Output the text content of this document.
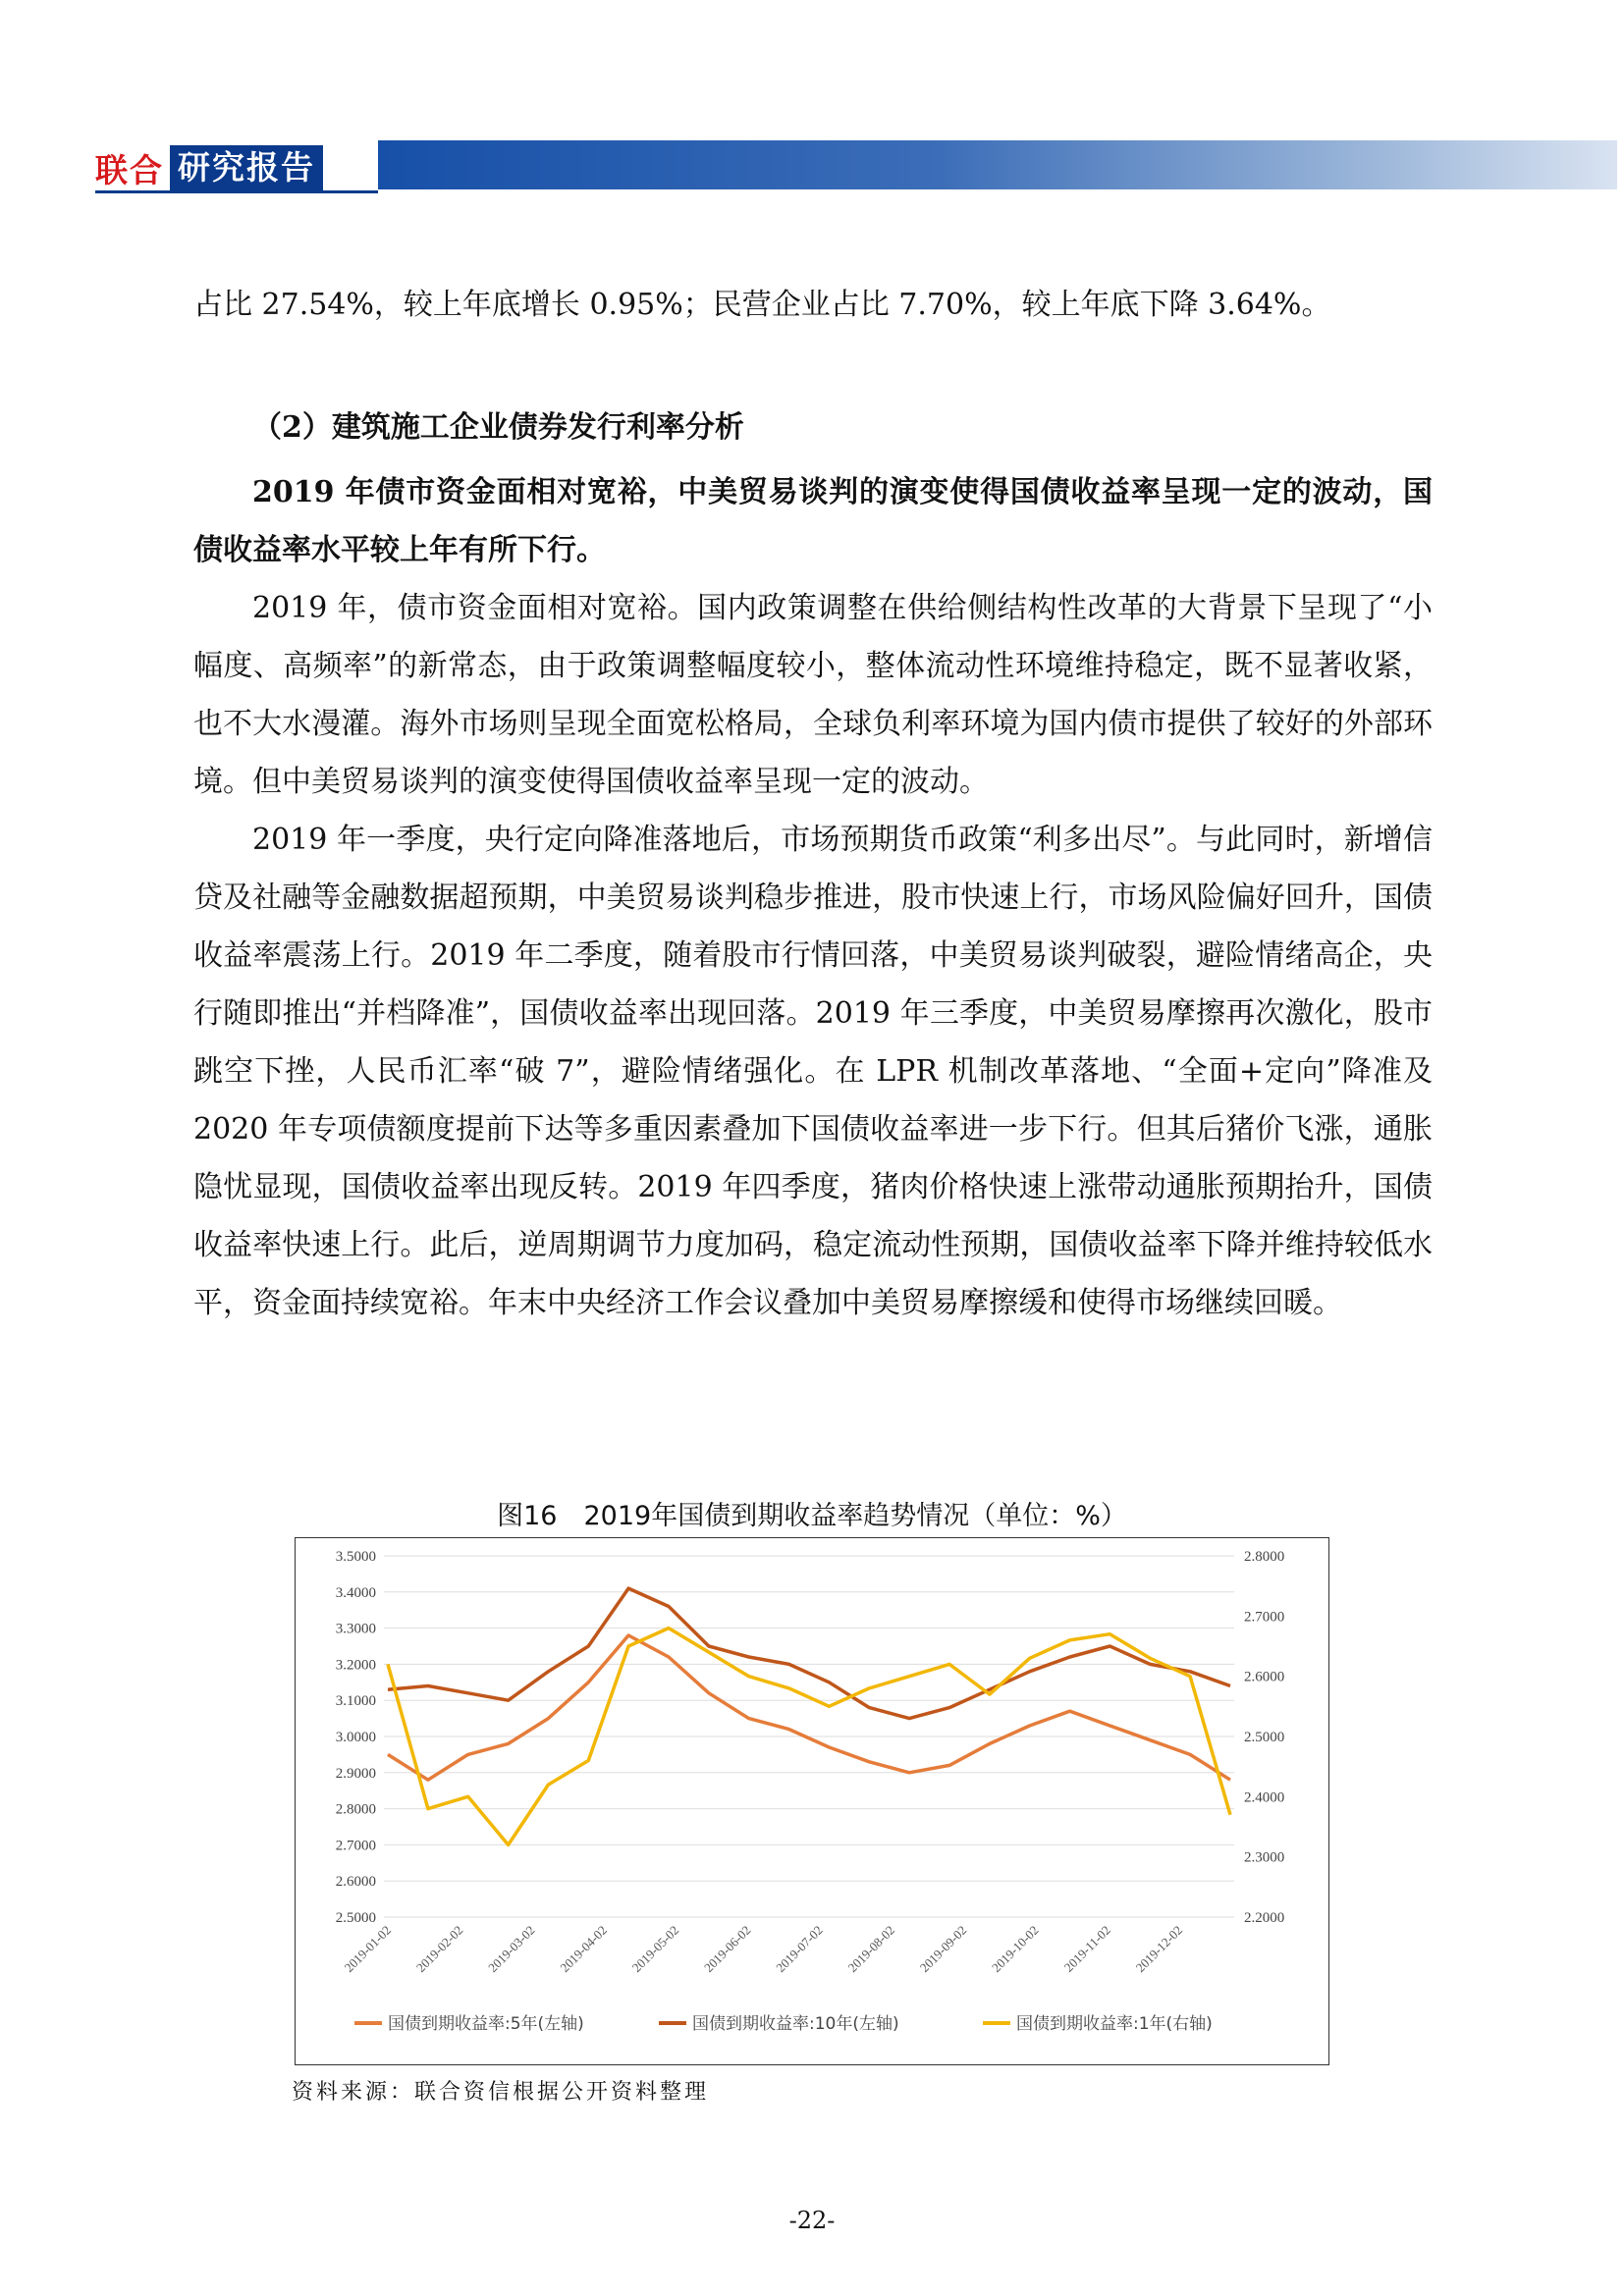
联合 研究报告

占比 27.54%，较上年底增长 0.95%；民营企业占比 7.70%，较上年底下降 3.64%。

（2）建筑施工企业债券发行利率分析

2019 年债市资金面相对宽裕，中美贸易谈判的演变使得国债收益率呈现一定的波动，国债收益率水平较上年有所下行。

2019 年，债市资金面相对宽裕。国内政策调整在供给侧结构性改革的大背景下呈现了“小幅度、高频率”的新常态，由于政策调整幅度较小，整体流动性环境维持稳定，既不显著收紧，也不大水漫灌。海外市场则呈现全面宽松格局，全球负利率环境为国内债市提供了较好的外部环境。但中美贸易谈判的演变使得国债收益率呈现一定的波动。

2019 年一季度，央行定向降准落地后，市场预期货币政策“利多出尽”。与此同时，新增信贷及社融等金融数据超预期，中美贸易谈判稳步推进，股市快速上行，市场风险偏好回升，国债收益率震荡上行。2019 年二季度，随着股市行情回落，中美贸易谈判破裂，避险情绪高企，央行随即推出“并档降准”，国债收益率出现回落。2019 年三季度，中美贸易摩擦再次激化，股市跳空下挫，人民币汇率“破 7”，避险情绪强化。在 LPR 机制改革落地、“全面+定向”降准及 2020 年专项债额度提前下达等多重因素叠加下国债收益率进一步下行。但其后猪价飞涨，通胀隐忧显现，国债收益率出现反转。2019 年四季度，猪肉价格快速上涨带动通胀预期抬升，国债收益率快速上行。此后，逆周期调节力度加码，稳定流动性预期，国债收益率下降并维持较低水平，资金面持续宽裕。年末中央经济工作会议叠加中美贸易摩擦缓和使得市场继续回暖。

图16　2019年国债到期收益率趋势情况（单位：%）
3.5000
3.4000
3.3000
3.2000
3.1000
3.0000
2.9000
2.8000
2.7000
2.6000
2.5000
2.8000
2.7000
2.6000
2.5000
2.4000
2.3000
2.2000
2019-01-02 2019-02-02 2019-03-02 2019-04-02 2019-05-02 2019-06-02 2019-07-02 2019-08-02 2019-09-02 2019-10-02 2019-11-02 2019-12-02
国债到期收益率:5年(左轴)	国债到期收益率:10年(左轴)	国债到期收益率:1年(右轴)
资料来源：联合资信根据公开资料整理
-22-
